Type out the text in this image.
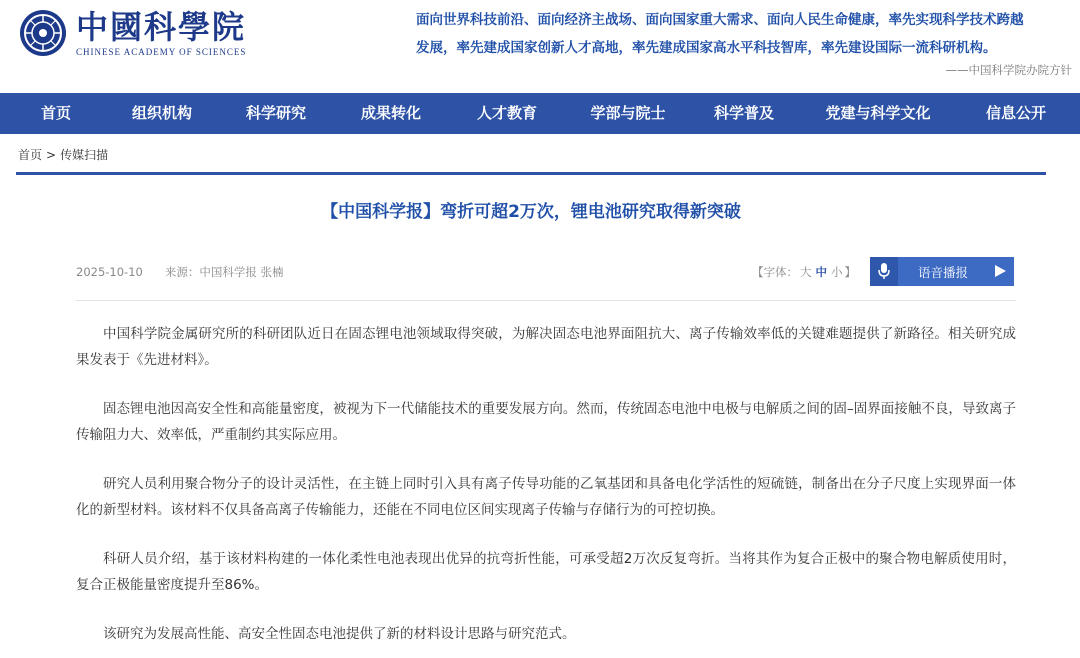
中國科學院
CHINESE ACADEMY OF SCIENCES
面向世界科技前沿、面向经济主战场、面向国家重大需求、面向人民生命健康，率先实现科学技术跨越
发展，率先建成国家创新人才高地，率先建成国家高水平科技智库，率先建设国际一流科研机构。
——中国科学院办院方针
首页	组织机构	科学研究	成果转化	人才教育	学部与院士	科学普及	党建与科学文化	信息公开
首页 > 传媒扫描
【中国科学报】弯折可超2万次，锂电池研究取得新突破
2025-10-10 来源：中国科学报 张楠	【字体： 大 中 小 】	语音播报

中国科学院金属研究所的科研团队近日在固态锂电池领域取得突破，为解决固态电池界面阻抗大、离子传输效率低的关键难题提供了新路径。相关研究成果发表于《先进材料》。

固态锂电池因高安全性和高能量密度，被视为下一代储能技术的重要发展方向。然而，传统固态电池中电极与电解质之间的固–固界面接触不良，导致离子传输阻力大、效率低，严重制约其实际应用。

研究人员利用聚合物分子的设计灵活性，在主链上同时引入具有离子传导功能的乙氧基团和具备电化学活性的短硫链，制备出在分子尺度上实现界面一体化的新型材料。该材料不仅具备高离子传输能力，还能在不同电位区间实现离子传输与存储行为的可控切换。

科研人员介绍，基于该材料构建的一体化柔性电池表现出优异的抗弯折性能，可承受超2万次反复弯折。当将其作为复合正极中的聚合物电解质使用时，复合正极能量密度提升至86%。

该研究为发展高性能、高安全性固态电池提供了新的材料设计思路与研究范式。
